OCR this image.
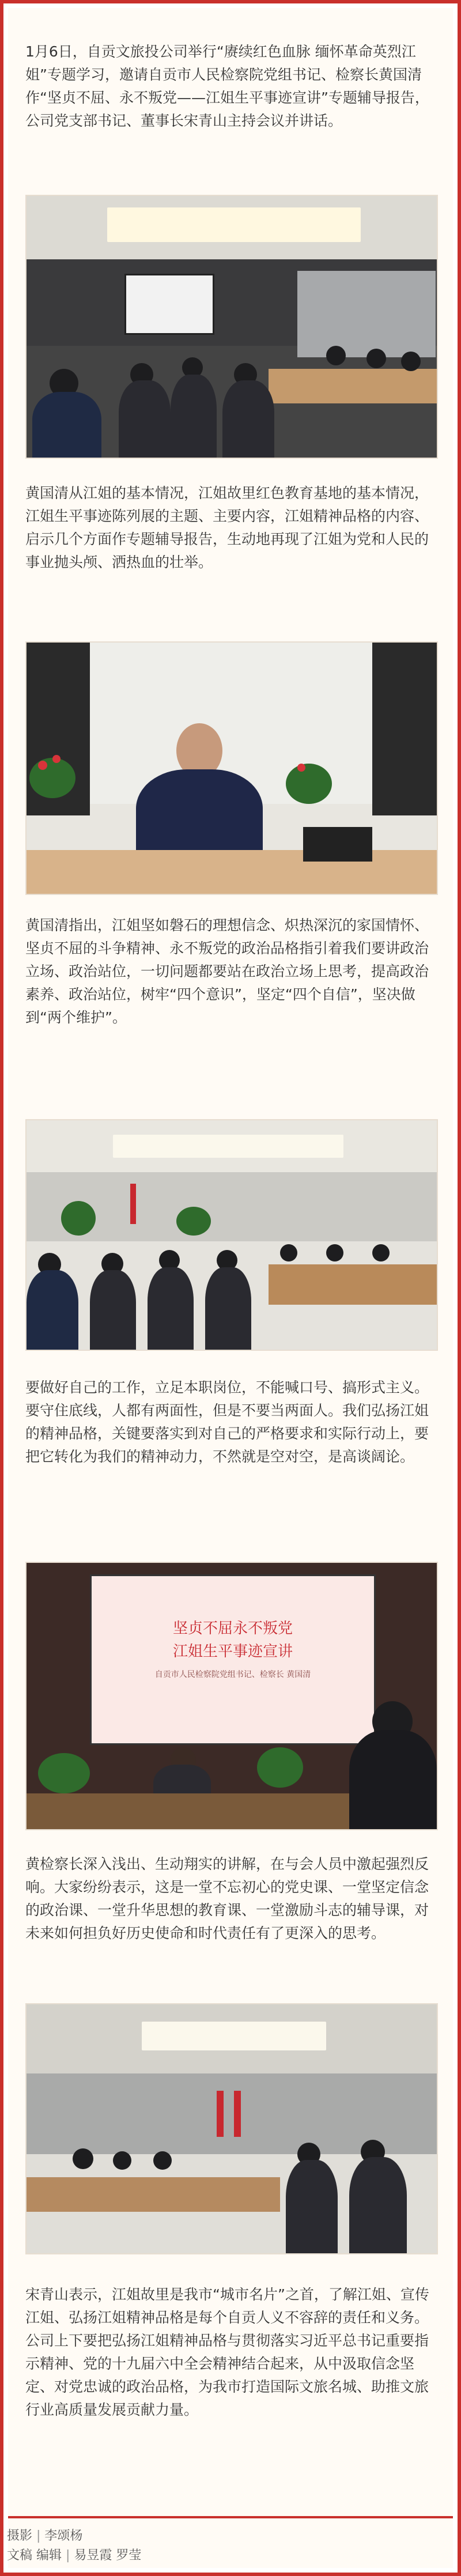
1月6日，自贡文旅投公司举行“赓续红色血脉 缅怀革命英烈江姐”专题学习，邀请自贡市人民检察院党组书记、检察长黄国清作“坚贞不屈、永不叛党——江姐生平事迹宣讲”专题辅导报告，公司党支部书记、董事长宋青山主持会议并讲话。

黄国清从江姐的基本情况，江姐故里红色教育基地的基本情况，江姐生平事迹陈列展的主题、主要内容，江姐精神品格的内容、启示几个方面作专题辅导报告，生动地再现了江姐为党和人民的事业抛头颅、洒热血的壮举。

黄国清指出，江姐坚如磐石的理想信念、炽热深沉的家国情怀、坚贞不屈的斗争精神、永不叛党的政治品格指引着我们要讲政治立场、政治站位，一切问题都要站在政治立场上思考，提高政治素养、政治站位，树牢“四个意识”，坚定“四个自信”，坚决做到“两个维护”。

要做好自己的工作，立足本职岗位，不能喊口号、搞形式主义。要守住底线，人都有两面性，但是不要当两面人。我们弘扬江姐的精神品格，关键要落实到对自己的严格要求和实际行动上，要把它转化为我们的精神动力，不然就是空对空，是高谈阔论。

坚贞不屈永不叛党
江姐生平事迹宣讲
自贡市人民检察院党组书记、检察长 黄国清

黄检察长深入浅出、生动翔实的讲解，在与会人员中激起强烈反响。大家纷纷表示，这是一堂不忘初心的党史课、一堂坚定信念的政治课、一堂升华思想的教育课、一堂激励斗志的辅导课，对未来如何担负好历史使命和时代责任有了更深入的思考。

宋青山表示，江姐故里是我市“城市名片”之首，了解江姐、宣传江姐、弘扬江姐精神品格是每个自贡人义不容辞的责任和义务。公司上下要把弘扬江姐精神品格与贯彻落实习近平总书记重要指示精神、党的十九届六中全会精神结合起来，从中汲取信念坚定、对党忠诚的政治品格，为我市打造国际文旅名城、助推文旅行业高质量发展贡献力量。

摄影 | 李颂杨

文稿 编辑 | 易昱霞 罗莹
